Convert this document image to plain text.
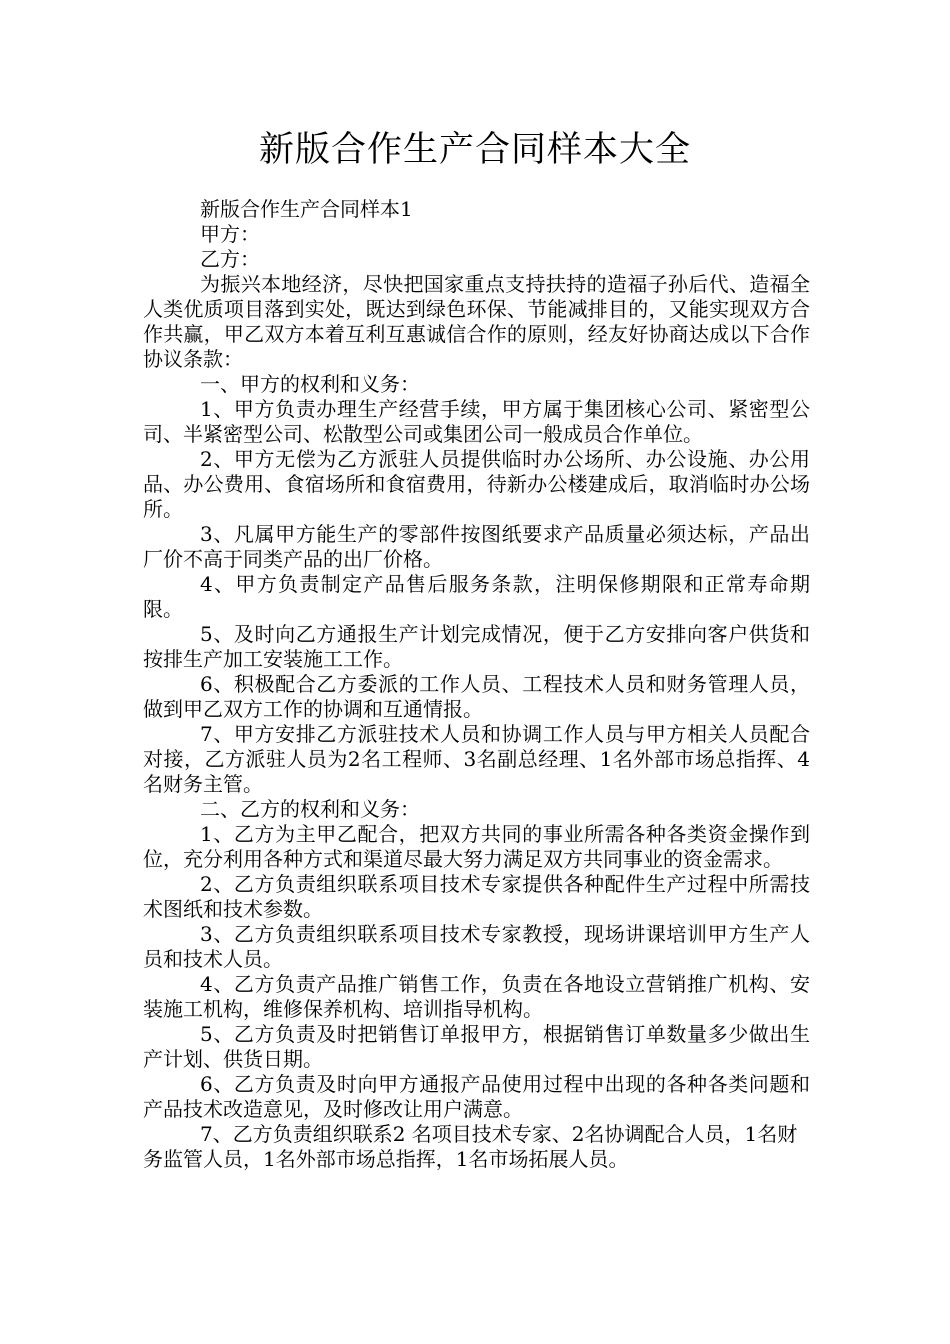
新版合作生产合同样本大全

新版合作生产合同样本1

甲方：

乙方：

为振兴本地经济，尽快把国家重点支持扶持的造福子孙后代、造福全人类优质项目落到实处，既达到绿色环保、节能减排目的，又能实现双方合作共赢，甲乙双方本着互利互惠诚信合作的原则，经友好协商达成以下合作协议条款：

一、甲方的权利和义务：

1、甲方负责办理生产经营手续，甲方属于集团核心公司、紧密型公司、半紧密型公司、松散型公司或集团公司一般成员合作单位。

2、甲方无偿为乙方派驻人员提供临时办公场所、办公设施、办公用品、办公费用、食宿场所和食宿费用，待新办公楼建成后，取消临时办公场所。

3、凡属甲方能生产的零部件按图纸要求产品质量必须达标，产品出厂价不高于同类产品的出厂价格。

4、甲方负责制定产品售后服务条款，注明保修期限和正常寿命期限。

5、及时向乙方通报生产计划完成情况，便于乙方安排向客户供货和按排生产加工安装施工工作。

6、积极配合乙方委派的工作人员、工程技术人员和财务管理人员，做到甲乙双方工作的协调和互通情报。

7、甲方安排乙方派驻技术人员和协调工作人员与甲方相关人员配合对接，乙方派驻人员为2名工程师、3名副总经理、1名外部市场总指挥、4名财务主管。

二、乙方的权利和义务：

1、乙方为主甲乙配合，把双方共同的事业所需各种各类资金操作到位，充分利用各种方式和渠道尽最大努力满足双方共同事业的资金需求。

2、乙方负责组织联系项目技术专家提供各种配件生产过程中所需技术图纸和技术参数。

3、乙方负责组织联系项目技术专家教授，现场讲课培训甲方生产人员和技术人员。

4、乙方负责产品推广销售工作，负责在各地设立营销推广机构、安装施工机构，维修保养机构、培训指导机构。

5、乙方负责及时把销售订单报甲方，根据销售订单数量多少做出生产计划、供货日期。

6、乙方负责及时向甲方通报产品使用过程中出现的各种各类问题和产品技术改造意见，及时修改让用户满意。

7、乙方负责组织联系2 名项目技术专家、2名协调配合人员，1名财务监管人员，1名外部市场总指挥，1名市场拓展人员。
